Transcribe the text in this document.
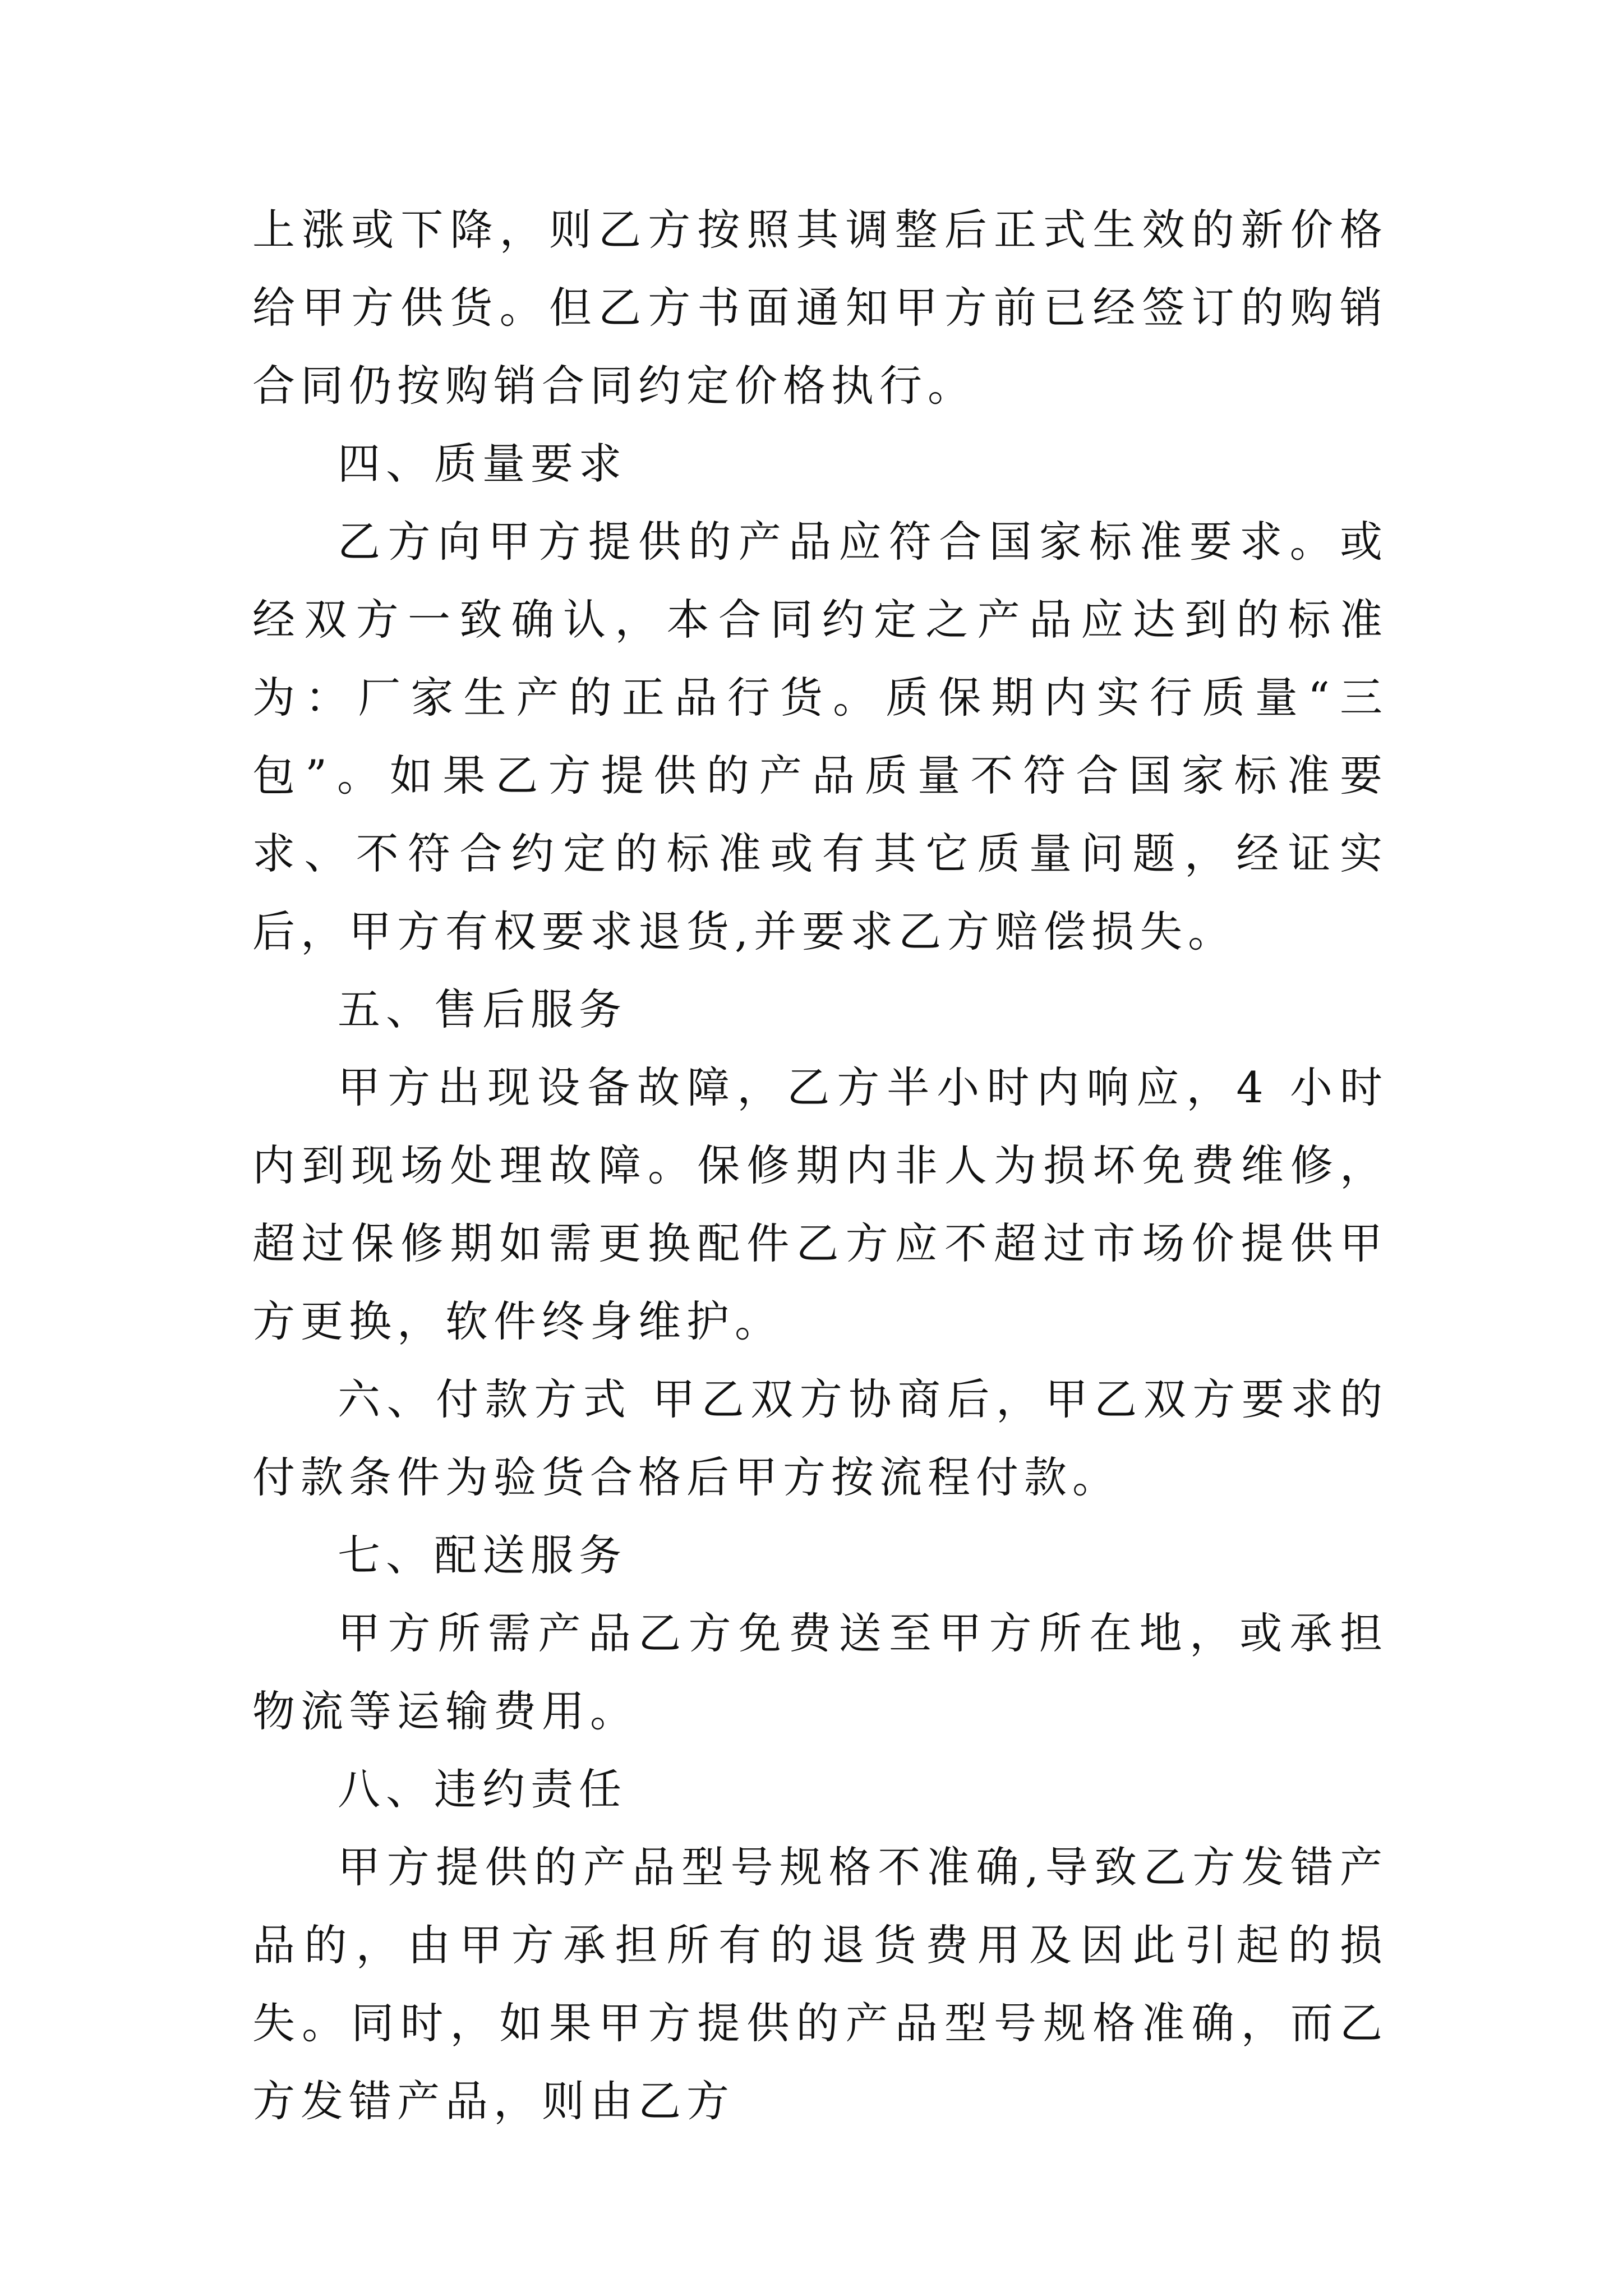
上涨或下降，则乙方按照其调整后正式生效的新价格给甲方供货。但乙方书面通知甲方前已经签订的购销合同仍按购销合同约定价格执行。

四、质量要求

乙方向甲方提供的产品应符合国家标准要求。或经双方一致确认，本合同约定之产品应达到的标准为：厂家生产的正品行货。质保期内实行质量“三包”。如果乙方提供的产品质量不符合国家标准要求、不符合约定的标准或有其它质量问题，经证实后，甲方有权要求退货,并要求乙方赔偿损失。

五、售后服务

甲方出现设备故障，乙方半小时内响应，4 小时内到现场处理故障。保修期内非人为损坏免费维修，超过保修期如需更换配件乙方应不超过市场价提供甲方更换，软件终身维护。

六、付款方式 甲乙双方协商后，甲乙双方要求的付款条件为验货合格后甲方按流程付款。

七、配送服务

甲方所需产品乙方免费送至甲方所在地，或承担物流等运输费用。

八、违约责任

甲方提供的产品型号规格不准确,导致乙方发错产品的，由甲方承担所有的退货费用及因此引起的损失。同时，如果甲方提供的产品型号规格准确，而乙方发错产品，则由乙方
